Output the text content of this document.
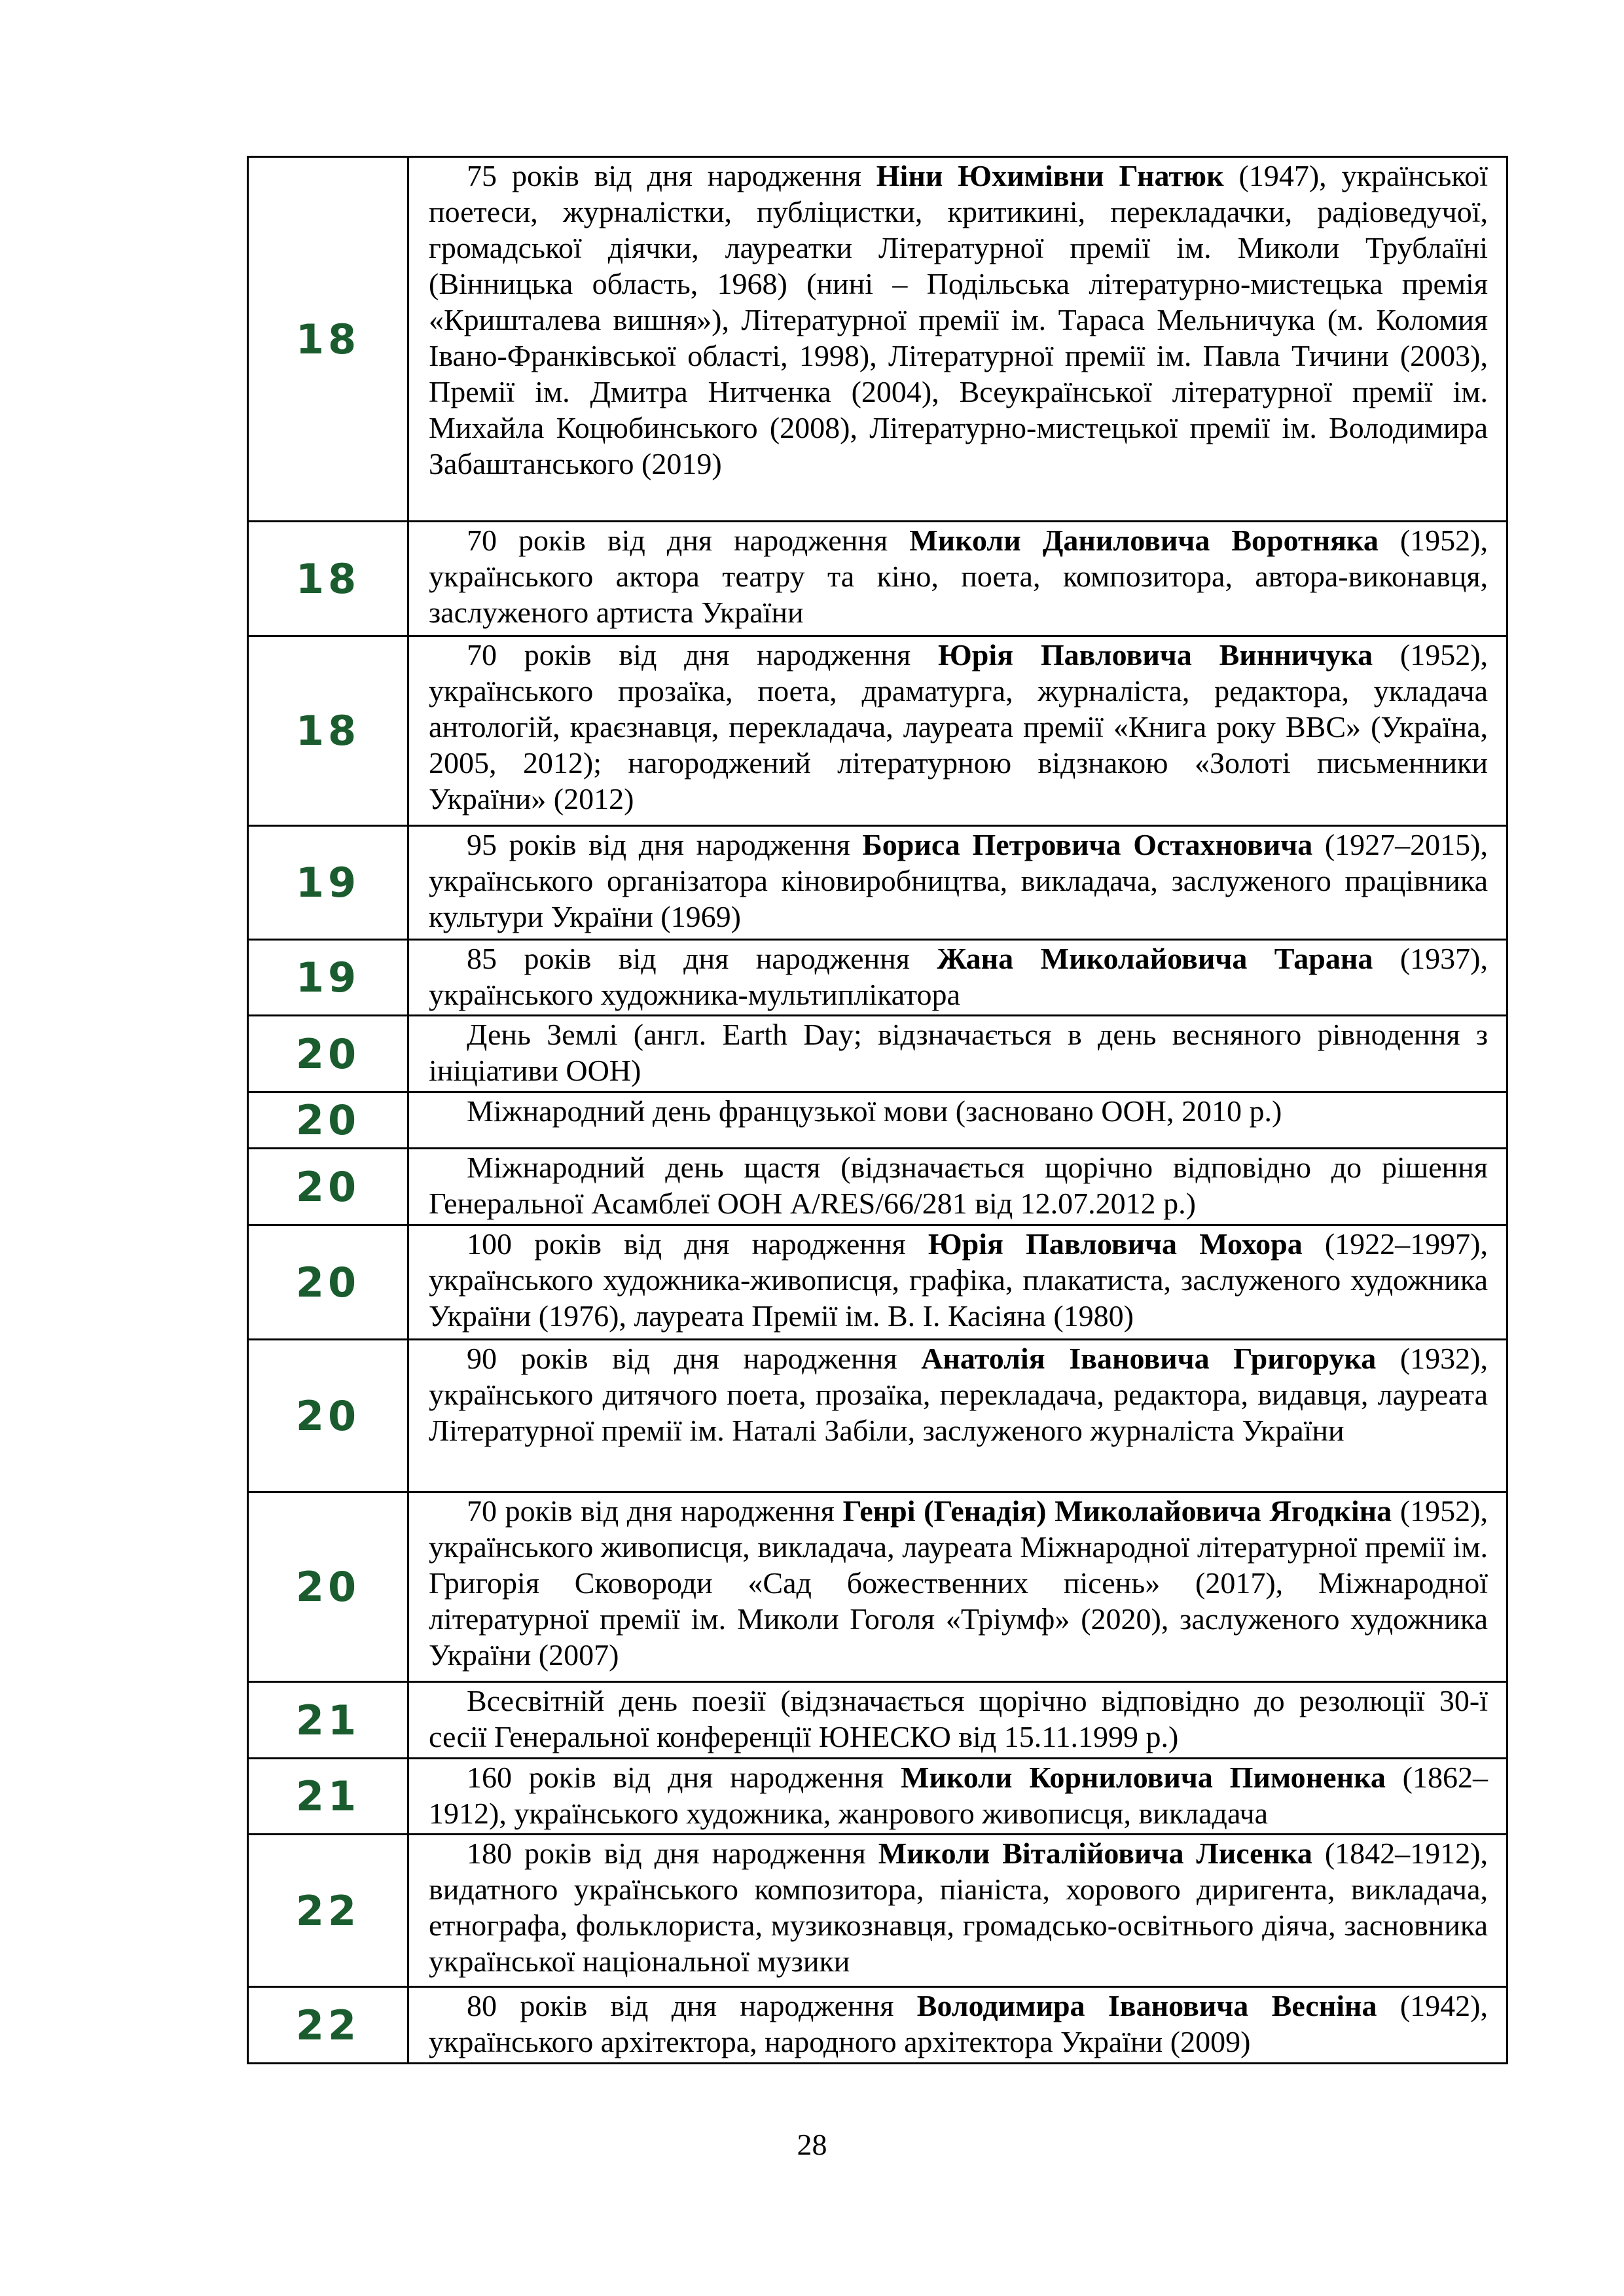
18	75 років від дня народження Ніни Юхимівни Гнатюк (1947), української поетеси, журналістки, публіцистки, критикині, перекладачки, радіоведучої, громадської діячки, лауреатки Літературної премії ім. Миколи Трублаїні (Вінницька область, 1968) (нині – Подільська літературно-мистецька премія «Кришталева вишня»), Літературної премії ім. Тараса Мельничука (м. Коломия Івано-Франківської області, 1998), Літературної премії ім. Павла Тичини (2003), Премії ім. Дмитра Нитченка (2004), Всеукраїнської літературної премії ім. Михайла Коцюбинського (2008), Літературно-мистецької премії ім. Володимира Забаштанського (2019)
18	70 років від дня народження Миколи Даниловича Воротняка (1952), українського актора театру та кіно, поета, композитора, автора-виконавця, заслуженого артиста України
18	70 років від дня народження Юрія Павловича Винничука (1952), українського прозаїка, поета, драматурга, журналіста, редактора, укладача антологій, краєзнавця, перекладача, лауреата премії «Книга року ВВС» (Україна, 2005, 2012); нагороджений літературною відзнакою «Золоті письменники України» (2012)
19	95 років від дня народження Бориса Петровича Остахновича (1927–2015), українського організатора кіновиробництва, викладача, заслуженого працівника культури України (1969)
19	85 років від дня народження Жана Миколайовича Тарана (1937), українського художника-мультиплікатора
20	День Землі (англ. Earth Day; відзначається в день весняного рівнодення з ініціативи ООН)
20	Міжнародний день французької мови (засновано ООН, 2010 р.)
20	Міжнародний день щастя (відзначається щорічно відповідно до рішення Генеральної Асамблеї ООН A/RES/66/281 від 12.07.2012 р.)
20	100 років від дня народження Юрія Павловича Мохора (1922–1997), українського художника-живописця, графіка, плакатиста, заслуженого художника України (1976), лауреата Премії ім. В. І. Касіяна (1980)
20	90 років від дня народження Анатолія Івановича Григорука (1932), українського дитячого поета, прозаїка, перекладача, редактора, видавця, лауреата Літературної премії ім. Наталі Забіли, заслуженого журналіста України
20	70 років від дня народження Генрі (Генадія) Миколайовича Ягодкіна (1952), українського живописця, викладача, лауреата Міжнародної літературної премії ім. Григорія Сковороди «Сад божественних пісень» (2017), Міжнародної літературної премії ім. Миколи Гоголя «Тріумф» (2020), заслуженого художника України (2007)
21	Всесвітній день поезії (відзначається щорічно відповідно до резолюції 30-ї сесії Генеральної конференції ЮНЕСКО від 15.11.1999 р.)
21	160 років від дня народження Миколи Корниловича Пимоненка (1862–1912), українського художника, жанрового живописця, викладача
22	180 років від дня народження Миколи Віталійовича Лисенка (1842–1912), видатного українського композитора, піаніста, хорового диригента, викладача, етнографа, фольклориста, музикознавця, громадсько-освітнього діяча, засновника української національної музики
22	80 років від дня народження Володимира Івановича Весніна (1942), українського архітектора, народного архітектора України (2009)
28
